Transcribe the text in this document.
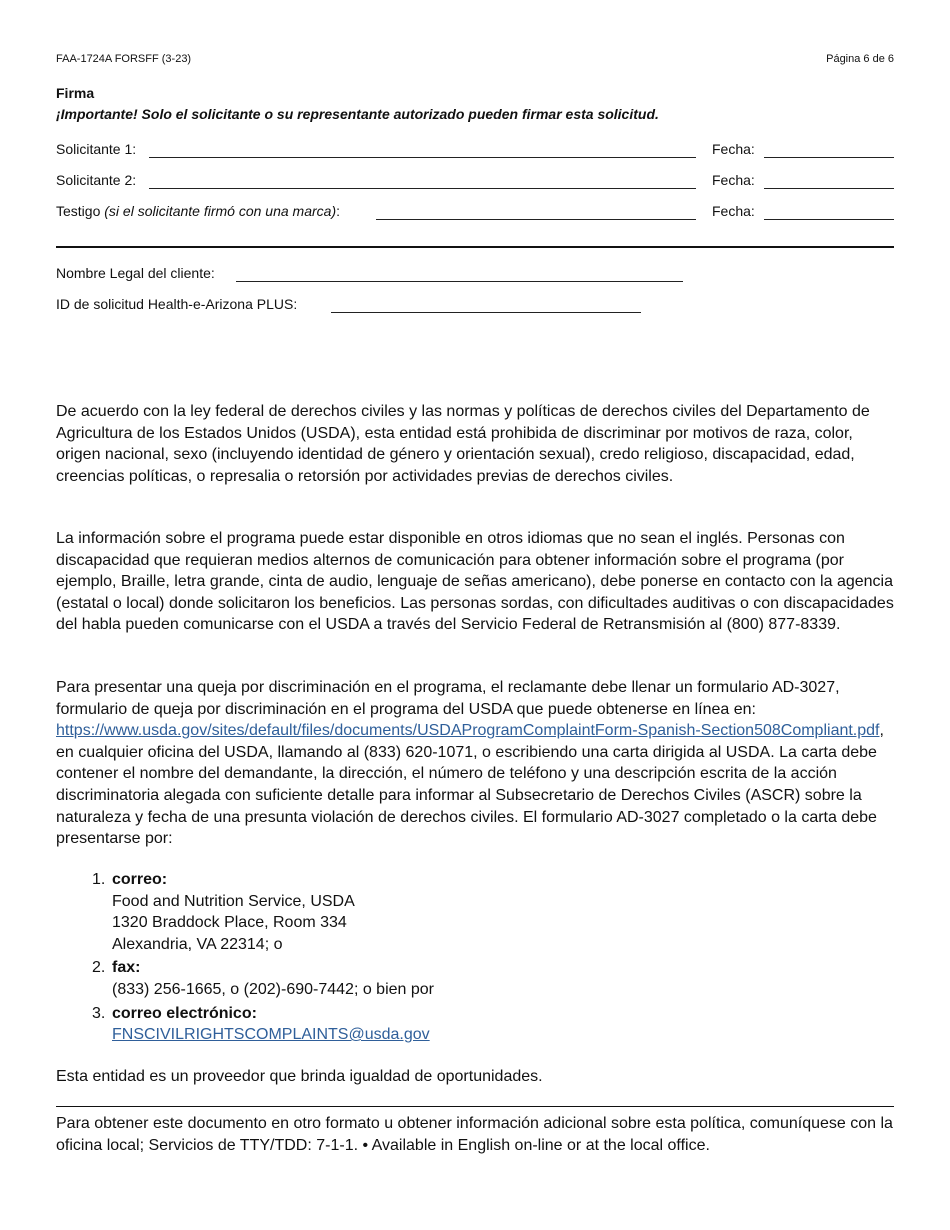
FAA-1724A FORSFF (3-23)	Página 6 de 6
Firma
¡Importante! Solo el solicitante o su representante autorizado pueden firmar esta solicitud.
Solicitante 1:	Fecha:
Solicitante 2:	Fecha:
Testigo (si el solicitante firmó con una marca):	Fecha:
Nombre Legal del cliente:
ID de solicitud Health-e-Arizona PLUS:

De acuerdo con la ley federal de derechos civiles y las normas y políticas de derechos civiles del Departamento de Agricultura de los Estados Unidos (USDA), esta entidad está prohibida de discriminar por motivos de raza, color, origen nacional, sexo (incluyendo identidad de género y orientación sexual), credo religioso, discapacidad, edad, creencias políticas, o represalia o retorsión por actividades previas de derechos civiles.

La información sobre el programa puede estar disponible en otros idiomas que no sean el inglés. Personas con discapacidad que requieran medios alternos de comunicación para obtener información sobre el programa (por ejemplo, Braille, letra grande, cinta de audio, lenguaje de señas americano), debe ponerse en contacto con la agencia (estatal o local) donde solicitaron los beneficios. Las personas sordas, con dificultades auditivas o con discapacidades del habla pueden comunicarse con el USDA a través del Servicio Federal de Retransmisión al (800) 877-8339.

Para presentar una queja por discriminación en el programa, el reclamante debe llenar un formulario AD-3027, formulario de queja por discriminación en el programa del USDA que puede obtenerse en línea en: https://www.usda.gov/sites/default/files/documents/USDAProgramComplaintForm-Spanish-Section508Compliant.pdf, en cualquier oficina del USDA, llamando al (833) 620-1071, o escribiendo una carta dirigida al USDA. La carta debe contener el nombre del demandante, la dirección, el número de teléfono y una descripción escrita de la acción discriminatoria alegada con suficiente detalle para informar al Subsecretario de Derechos Civiles (ASCR) sobre la naturaleza y fecha de una presunta violación de derechos civiles. El formulario AD-3027 completado o la carta debe presentarse por:

1. correo:
Food and Nutrition Service, USDA
1320 Braddock Place, Room 334
Alexandria, VA 22314; o
2. fax:
(833) 256-1665, o (202)-690-7442; o bien por
3. correo electrónico:
FNSCIVILRIGHTSCOMPLAINTS@usda.gov
Esta entidad es un proveedor que brinda igualdad de oportunidades.
Para obtener este documento en otro formato u obtener información adicional sobre esta política, comuníquese con la oficina local; Servicios de TTY/TDD: 7-1-1. • Available in English on-line or at the local office.
